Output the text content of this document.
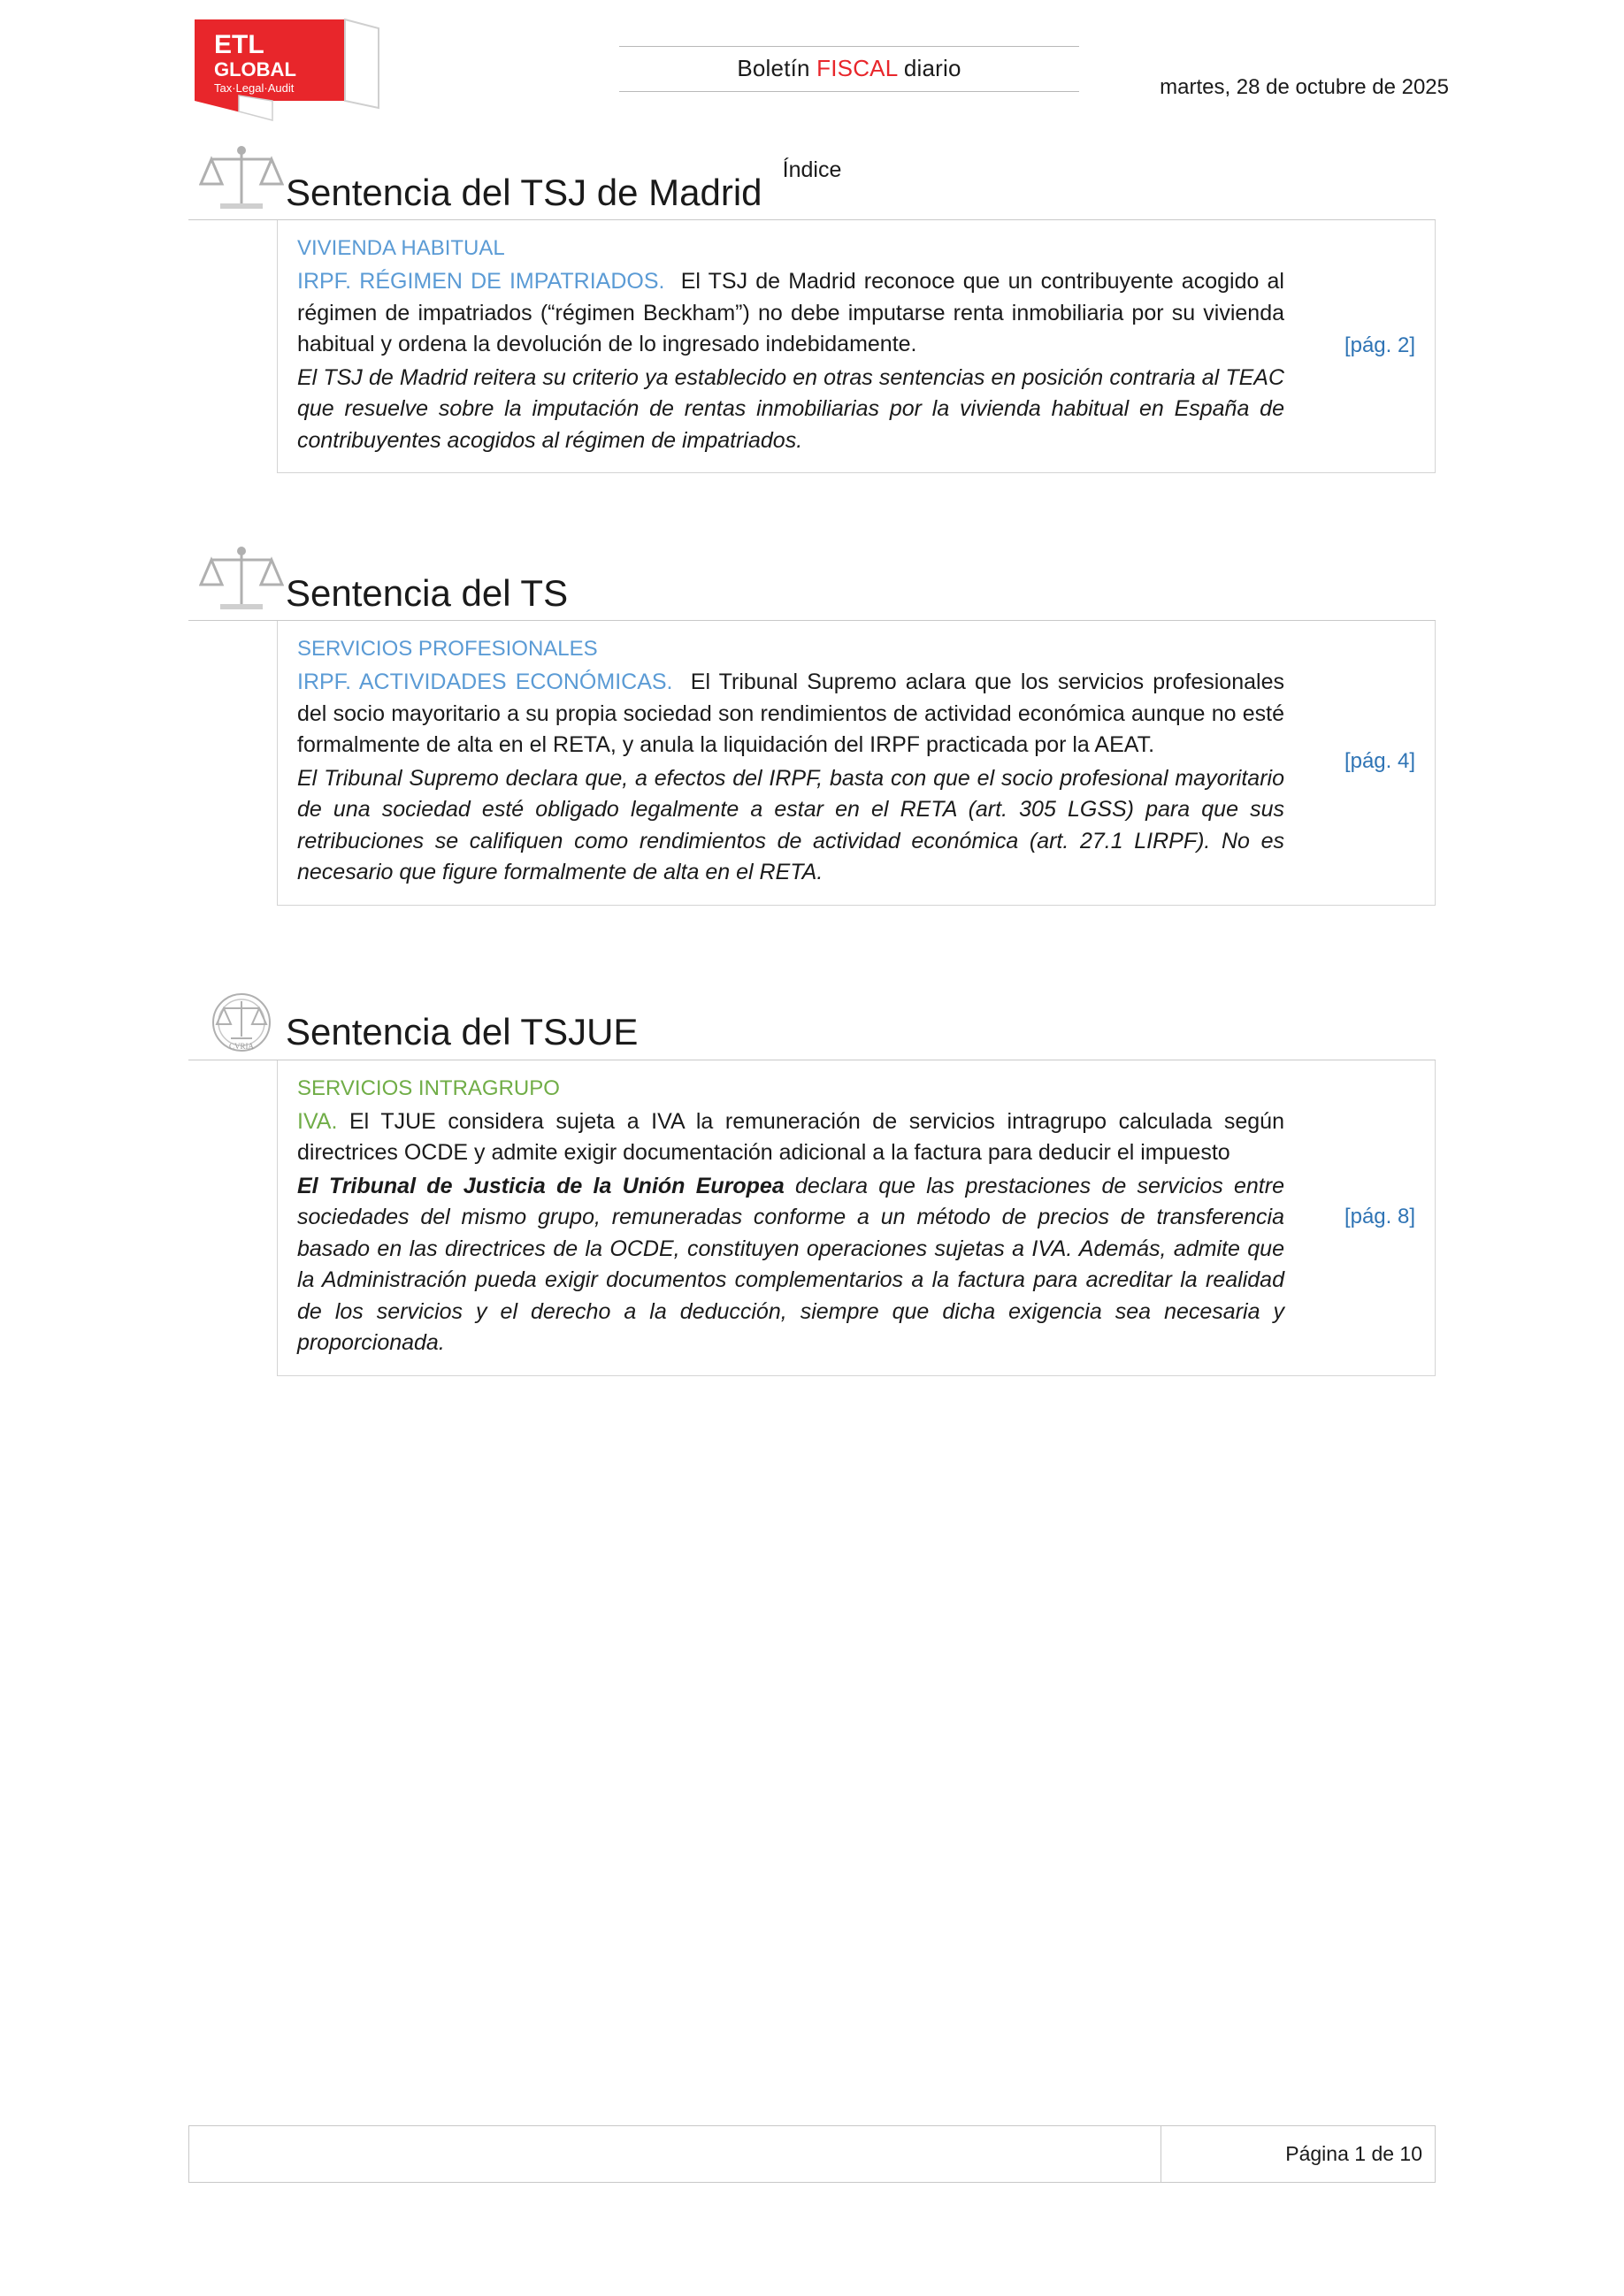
ETL
GLOBAL
Tax·Legal·Audit
Boletín FISCAL diario
martes, 28 de octubre de 2025
Índice
Sentencia del TSJ de Madrid
VIVIENDA HABITUAL

IRPF. RÉGIMEN DE IMPATRIADOS. El TSJ de Madrid reconoce que un contribuyente acogido al régimen de impatriados (“régimen Beckham”) no debe imputarse renta inmobiliaria por su vivienda habitual y ordena la devolución de lo ingresado indebidamente.

El TSJ de Madrid reitera su criterio ya establecido en otras sentencias en posición contraria al TEAC que resuelve sobre la imputación de rentas inmobiliarias por la vivienda habitual en España de contribuyentes acogidos al régimen de impatriados.

[pág. 2]
Sentencia del TS
SERVICIOS PROFESIONALES

IRPF. ACTIVIDADES ECONÓMICAS. El Tribunal Supremo aclara que los servicios profesionales del socio mayoritario a su propia sociedad son rendimientos de actividad económica aunque no esté formalmente de alta en el RETA, y anula la liquidación del IRPF practicada por la AEAT.

El Tribunal Supremo declara que, a efectos del IRPF, basta con que el socio profesional mayoritario de una sociedad esté obligado legalmente a estar en el RETA (art. 305 LGSS) para que sus retribuciones se califiquen como rendimientos de actividad económica (art. 27.1 LIRPF). No es necesario que figure formalmente de alta en el RETA.

[pág. 4]
CVRIA Sentencia del TSJUE
SERVICIOS INTRAGRUPO

IVA. El TJUE considera sujeta a IVA la remuneración de servicios intragrupo calculada según directrices OCDE y admite exigir documentación adicional a la factura para deducir el impuesto

El Tribunal de Justicia de la Unión Europea declara que las prestaciones de servicios entre sociedades del mismo grupo, remuneradas conforme a un método de precios de transferencia basado en las directrices de la OCDE, constituyen operaciones sujetas a IVA. Además, admite que la Administración pueda exigir documentos complementarios a la factura para acreditar la realidad de los servicios y el derecho a la deducción, siempre que dicha exigencia sea necesaria y proporcionada.

[pág. 8]
Página 1 de 10
